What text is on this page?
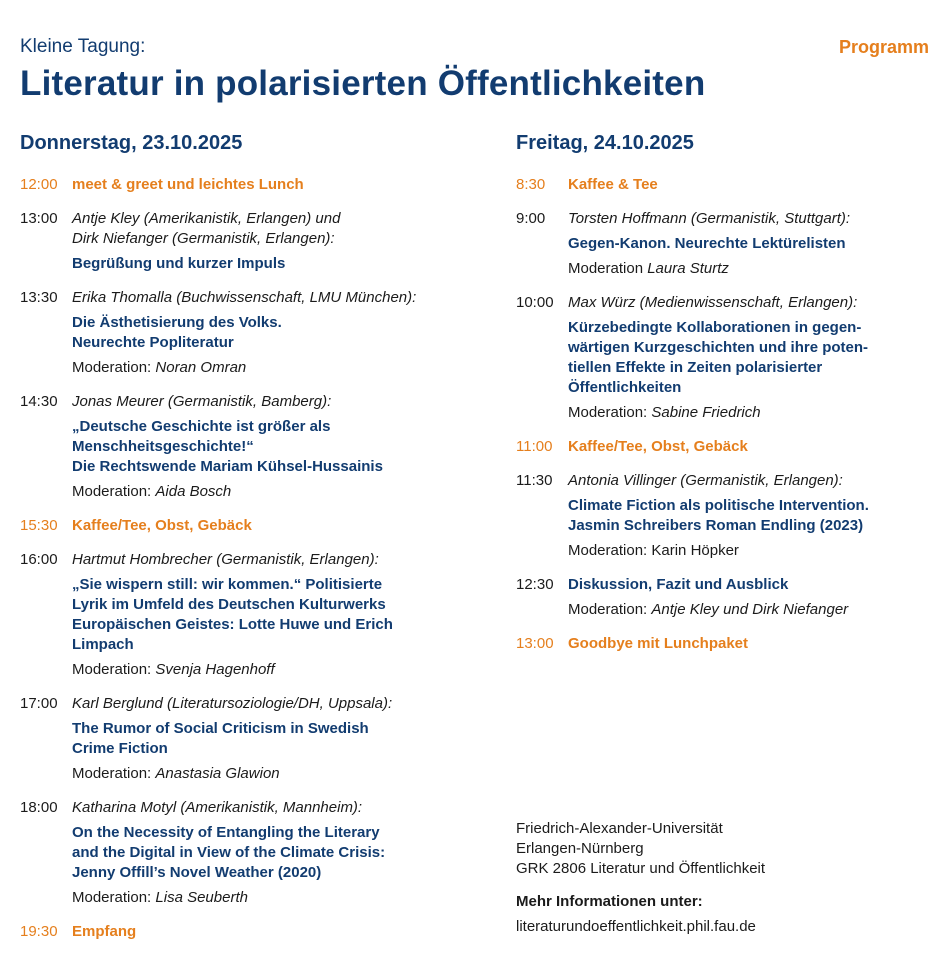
Kleine Tagung:	Programm
Literatur in polarisierten Öffentlichkeiten
Donnerstag, 23.10.2025
12:00 meet & greet und leichtes Lunch
13:00 Antje Kley (Amerikanistik, Erlangen) und
Dirk Niefanger (Germanistik, Erlangen):
Begrüßung und kurzer Impuls
13:30 Erika Thomalla (Buchwissenschaft, LMU München):
Die Ästhetisierung des Volks.
Neurechte Popliteratur
Moderation: Noran Omran
14:30 Jonas Meurer (Germanistik, Bamberg):
„Deutsche Geschichte ist größer als
Menschheitsgeschichte!“
Die Rechtswende Mariam Kühsel-Hussainis
Moderation: Aida Bosch
15:30 Kaffee/Tee, Obst, Gebäck
16:00 Hartmut Hombrecher (Germanistik, Erlangen):
„Sie wispern still: wir kommen.“ Politisierte
Lyrik im Umfeld des Deutschen Kulturwerks
Europäischen Geistes: Lotte Huwe und Erich
Limpach
Moderation: Svenja Hagenhoff
17:00 Karl Berglund (Literatursoziologie/DH, Uppsala):
The Rumor of Social Criticism in Swedish
Crime Fiction
Moderation: Anastasia Glawion
18:00 Katharina Motyl (Amerikanistik, Mannheim):
On the Necessity of Entangling the Literary
and the Digital in View of the Climate Crisis:
Jenny Offill’s Novel Weather (2020)
Moderation: Lisa Seuberth
19:30 Empfang
Freitag, 24.10.2025
8:30 Kaffee & Tee
9:00 Torsten Hoffmann (Germanistik, Stuttgart):
Gegen-Kanon. Neurechte Lektürelisten
Moderation Laura Sturtz
10:00 Max Würz (Medienwissenschaft, Erlangen):
Kürzebedingte Kollaborationen in gegen-
wärtigen Kurzgeschichten und ihre poten-
tiellen Effekte in Zeiten polarisierter
Öffentlichkeiten
Moderation: Sabine Friedrich
11:00 Kaffee/Tee, Obst, Gebäck
11:30 Antonia Villinger (Germanistik, Erlangen):
Climate Fiction als politische Intervention.
Jasmin Schreibers Roman Endling (2023)
Moderation: Karin Höpker
12:30 Diskussion, Fazit und Ausblick
Moderation: Antje Kley und Dirk Niefanger
13:00 Goodbye mit Lunchpaket
Friedrich-Alexander-Universität
Erlangen-Nürnberg
GRK 2806 Literatur und Öffentlichkeit
Mehr Informationen unter:
literaturundoeffentlichkeit.phil.fau.de
